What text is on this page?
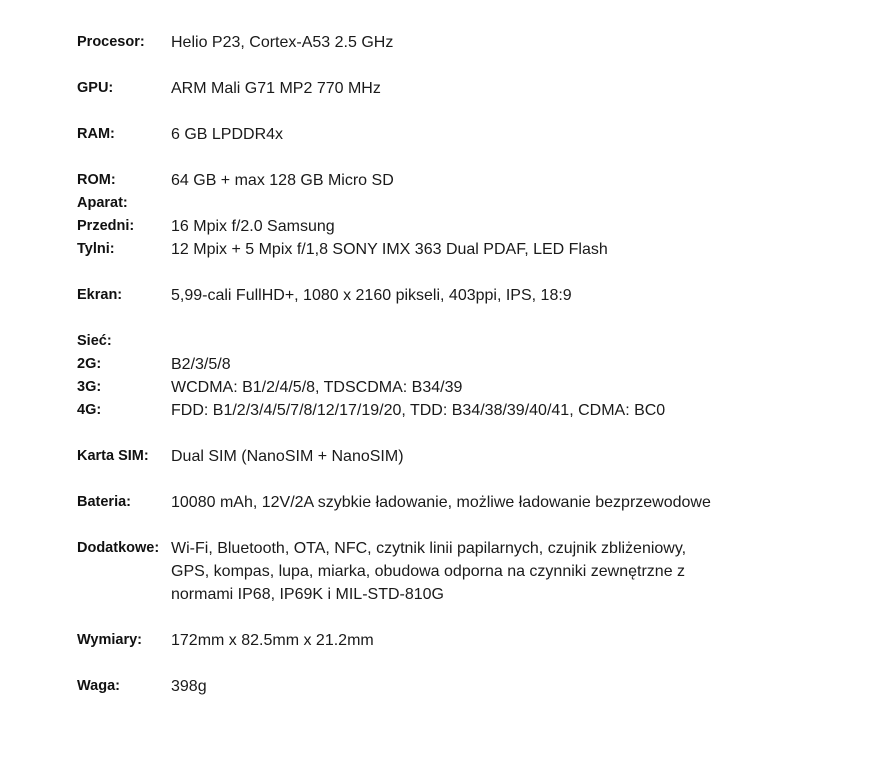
Procesor: Helio P23, Cortex-A53 2.5 GHz
GPU:	ARM Mali G71 MP2 770 MHz
RAM:	6 GB LPDDR4x
ROM:	64 GB + max 128 GB Micro SD
Aparat:
Przedni: 16 Mpix f/2.0 Samsung
Tylni:	12 Mpix + 5 Mpix f/1,8 SONY IMX 363 Dual PDAF, LED Flash
Ekran:	5,99-cali FullHD+, 1080 x 2160 pikseli, 403ppi, IPS, 18:9
Sieć:
2G:	B2/3/5/8
3G:	WCDMA: B1/2/4/5/8, TDSCDMA: B34/39
4G:	FDD: B1/2/3/4/5/7/8/12/17/19/20, TDD: B34/38/39/40/41, CDMA: BC0
Karta SIM: Dual SIM (NanoSIM + NanoSIM)
Bateria:	10080 mAh, 12V/2A szybkie ładowanie, możliwe ładowanie bezprzewodowe
Dodatkowe: Wi-Fi, Bluetooth, OTA, NFC, czytnik linii papilarnych, czujnik zbliżeniowy,
GPS, kompas, lupa, miarka, obudowa odporna na czynniki zewnętrzne z
normami IP68, IP69K i MIL-STD-810G
Wymiary: 172mm x 82.5mm x 21.2mm
Waga:	398g
